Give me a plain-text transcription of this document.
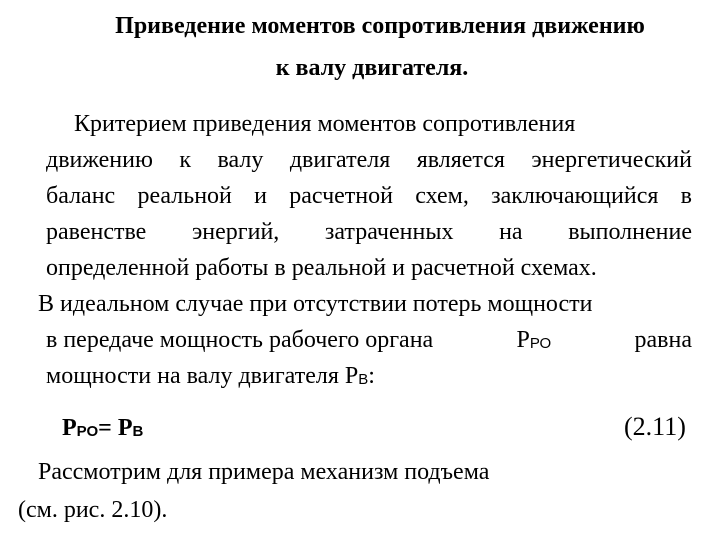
Приведение моментов сопротивления движению
к валу двигателя.
Критерием приведения моментов сопротивления
движению к валу двигателя является энергетический
баланс реальной и расчетной схем, заключающийся в
равенстве энергий, затраченных на выполнение
определенной работы в реальной и расчетной схемах.
В идеальном случае при отсутствии потерь мощности
в передаче мощность рабочего органа	PРО	равна
мощности на валу двигателя PВ:
PРО= PВ	(2.11)
Рассмотрим для примера механизм подъема
(см. рис. 2.10).
